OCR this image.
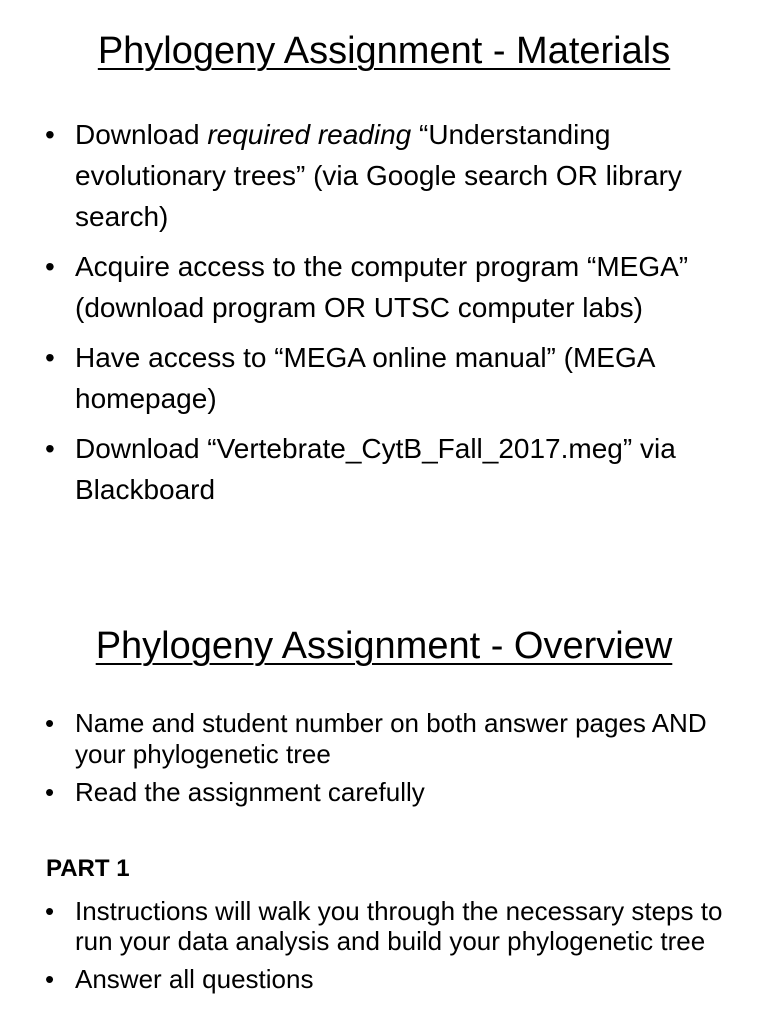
Phylogeny Assignment - Materials
• Download required reading “Understanding evolutionary trees” (via Google search OR library search)
• Acquire access to the computer program “MEGA” (download program OR UTSC computer labs)
• Have access to “MEGA online manual” (MEGA homepage)
• Download “Vertebrate_CytB_Fall_2017.meg” via Blackboard
Phylogeny Assignment - Overview
• Name and student number on both answer pages AND your phylogenetic tree
• Read the assignment carefully
PART 1
• Instructions will walk you through the necessary steps to run your data analysis and build your phylogenetic tree
• Answer all questions
